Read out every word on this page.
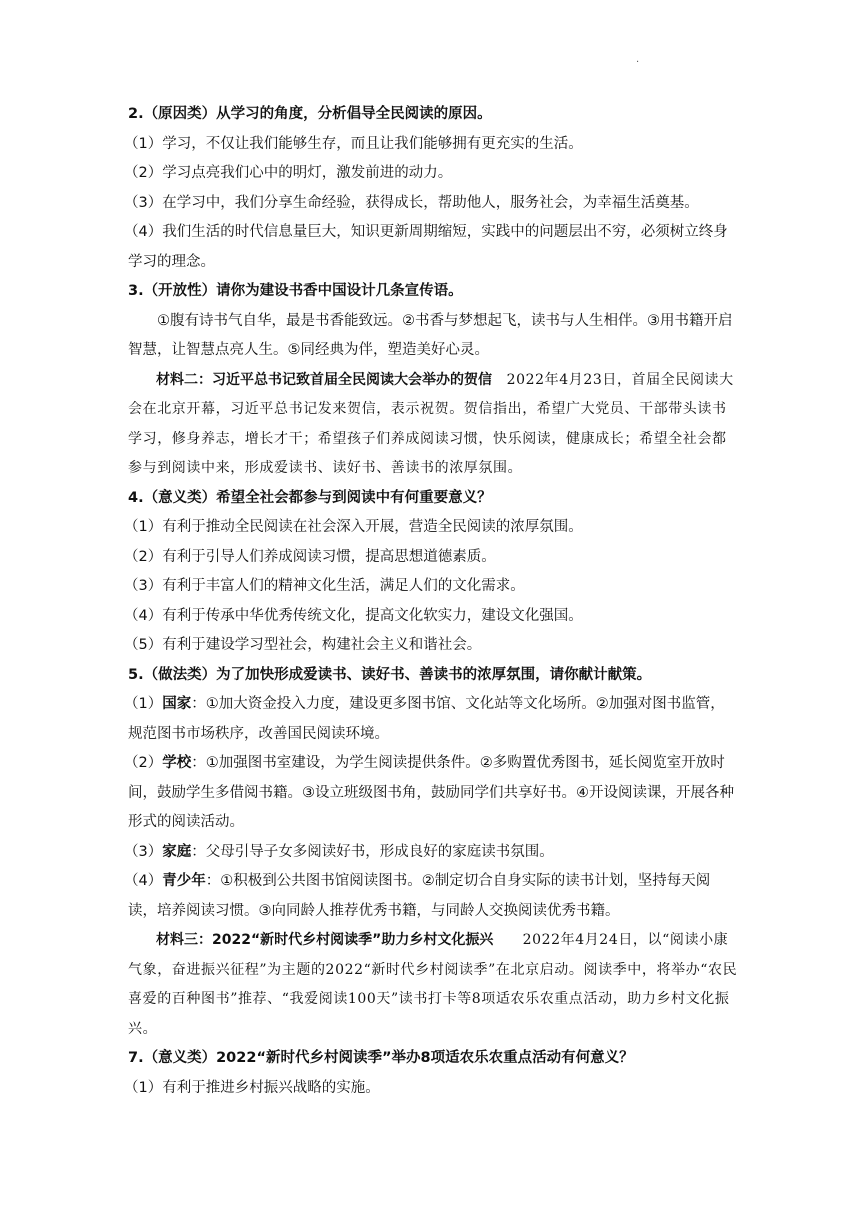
.

2.（原因类）从学习的角度，分析倡导全民阅读的原因。

（1）学习，不仅让我们能够生存，而且让我们能够拥有更充实的生活。

（2）学习点亮我们心中的明灯，激发前进的动力。

（3）在学习中，我们分享生命经验，获得成长，帮助他人，服务社会，为幸福生活奠基。

（4）我们生活的时代信息量巨大，知识更新周期缩短，实践中的问题层出不穷，必须树立终身学习的理念。

3.（开放性）请你为建设书香中国设计几条宣传语。

①腹有诗书气自华，最是书香能致远。②书香与梦想起飞，读书与人生相伴。③用书籍开启智慧，让智慧点亮人生。⑤同经典为伴，塑造美好心灵。

材料二：习近平总书记致首届全民阅读大会举办的贺信　2022年4月23日，首届全民阅读大会在北京开幕，习近平总书记发来贺信，表示祝贺。贺信指出，希望广大党员、干部带头读书学习，修身养志，增长才干；希望孩子们养成阅读习惯，快乐阅读，健康成长；希望全社会都参与到阅读中来，形成爱读书、读好书、善读书的浓厚氛围。

4.（意义类）希望全社会都参与到阅读中有何重要意义？

（1）有利于推动全民阅读在社会深入开展，营造全民阅读的浓厚氛围。

（2）有利于引导人们养成阅读习惯，提高思想道德素质。

（3）有利于丰富人们的精神文化生活，满足人们的文化需求。

（4）有利于传承中华优秀传统文化，提高文化软实力，建设文化强国。

（5）有利于建设学习型社会，构建社会主义和谐社会。

5.（做法类）为了加快形成爱读书、读好书、善读书的浓厚氛围，请你献计献策。

（1）国家：①加大资金投入力度，建设更多图书馆、文化站等文化场所。②加强对图书监管，规范图书市场秩序，改善国民阅读环境。

（2）学校：①加强图书室建设，为学生阅读提供条件。②多购置优秀图书，延长阅览室开放时间，鼓励学生多借阅书籍。③设立班级图书角，鼓励同学们共享好书。④开设阅读课，开展各种形式的阅读活动。

（3）家庭：父母引导子女多阅读好书，形成良好的家庭读书氛围。

（4）青少年：①积极到公共图书馆阅读图书。②制定切合自身实际的读书计划，坚持每天阅读，培养阅读习惯。③向同龄人推荐优秀书籍，与同龄人交换阅读优秀书籍。

材料三：2022“新时代乡村阅读季”助力乡村文化振兴　　2022年4月24日，以“阅读小康气象，奋进振兴征程”为主题的2022“新时代乡村阅读季”在北京启动。阅读季中，将举办“农民喜爱的百种图书”推荐、“我爱阅读100天”读书打卡等8项适农乐农重点活动，助力乡村文化振兴。

7.（意义类）2022“新时代乡村阅读季”举办8项适农乐农重点活动有何意义？

（1）有利于推进乡村振兴战略的实施。
